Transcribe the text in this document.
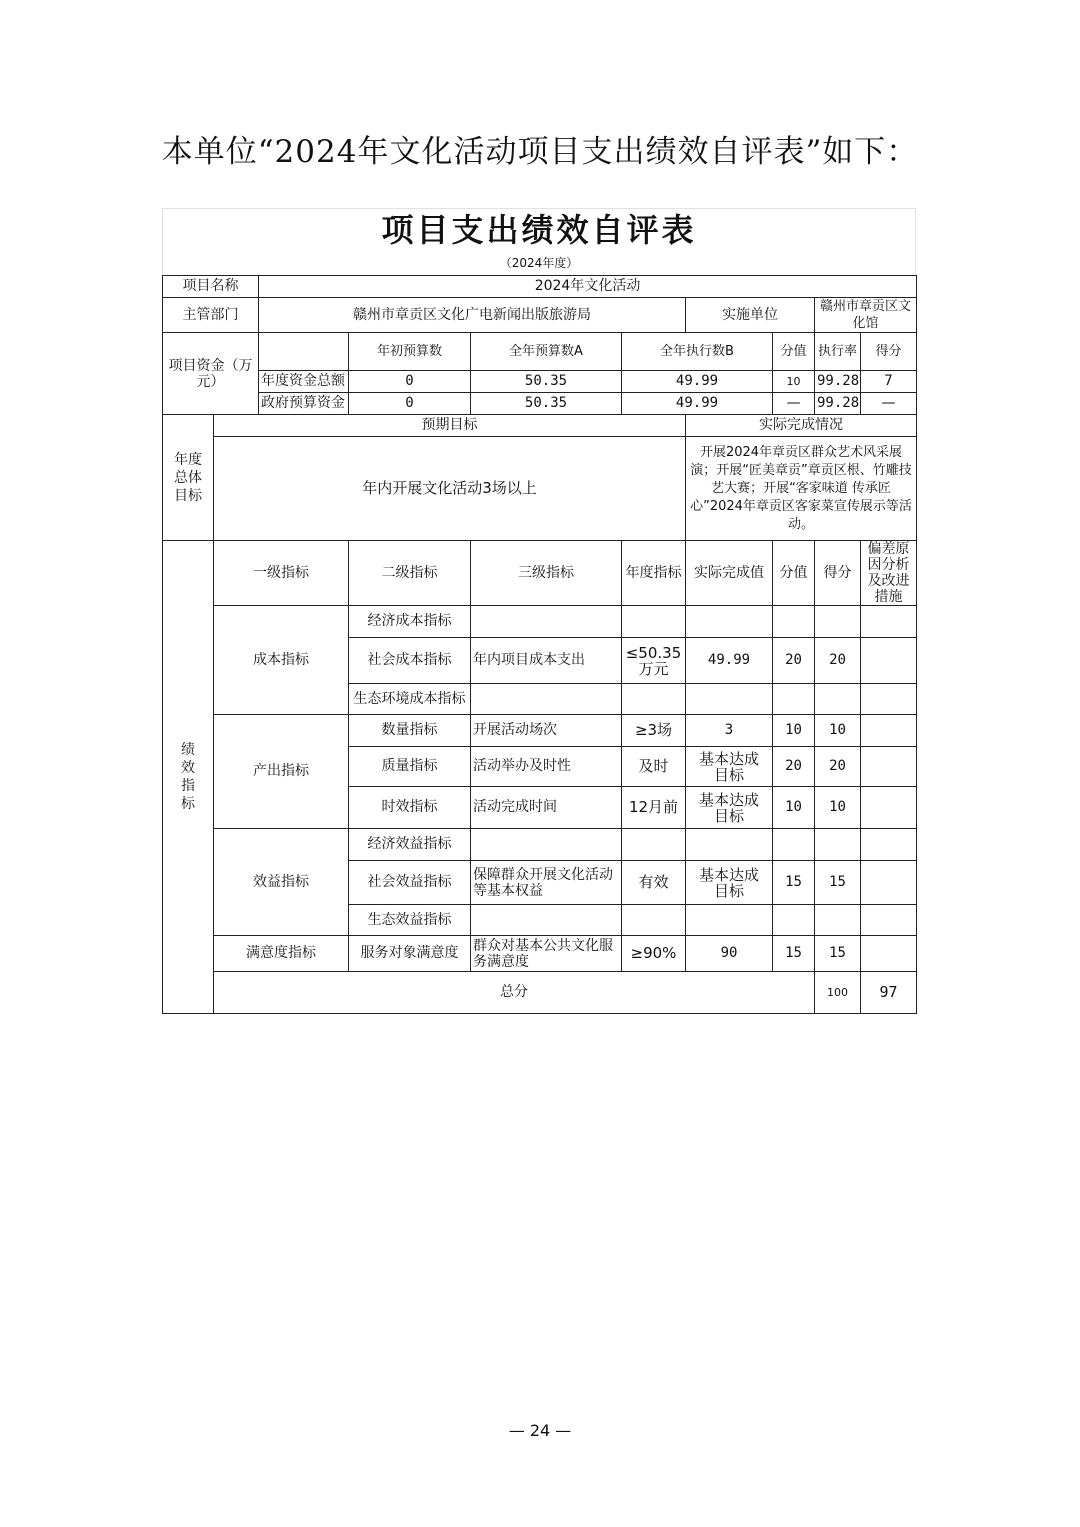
本单位“2024年文化活动项目支出绩效自评表”如下：
项目支出绩效自评表
（2024年度）
项目名称		2024年文化活动								
主管部门		赣州市章贡区文化广电新闻出版旅游局				实施单位		赣州市章贡区文化馆		
项目资金（万元）			年初预算数	全年预算数A	全年执行数B		分值	执行率	得分	
		年度资金总额	0	50.35	49.99		10	99.28	7	
		政府预算资金	0	50.35	49.99		—	99.28	—	
年度总体目标	预期目标					实际完成情况				
	年内开展文化活动3场以上					开展2024年章贡区群众艺术风采展演；开展“匠美章贡”章贡区根、竹雕技艺大赛；开展“客家味道 传承匠心”2024年章贡区客家菜宣传展示等活动。				
绩效指标	一级指标		二级指标	三级指标	年度指标	实际完成值	分值	得分	偏差原因分析及改进措施	
	成本指标		经济成本指标							
			社会成本指标	年内项目成本支出	≤50.35万元	49.99	20	20		
			生态环境成本指标							
	产出指标		数量指标	开展活动场次	≥3场	3	10	10		
			质量指标	活动举办及时性	及时	基本达成目标	20	20		
			时效指标	活动完成时间	12月前	基本达成目标	10	10		
	效益指标		经济效益指标							
			社会效益指标	保障群众开展文化活动等基本权益	有效	基本达成目标	15	15		
			生态效益指标							
	满意度指标		服务对象满意度	群众对基本公共文化服务满意度	≥90%	90	15	15		
	总分							100	97	
— 24 —
